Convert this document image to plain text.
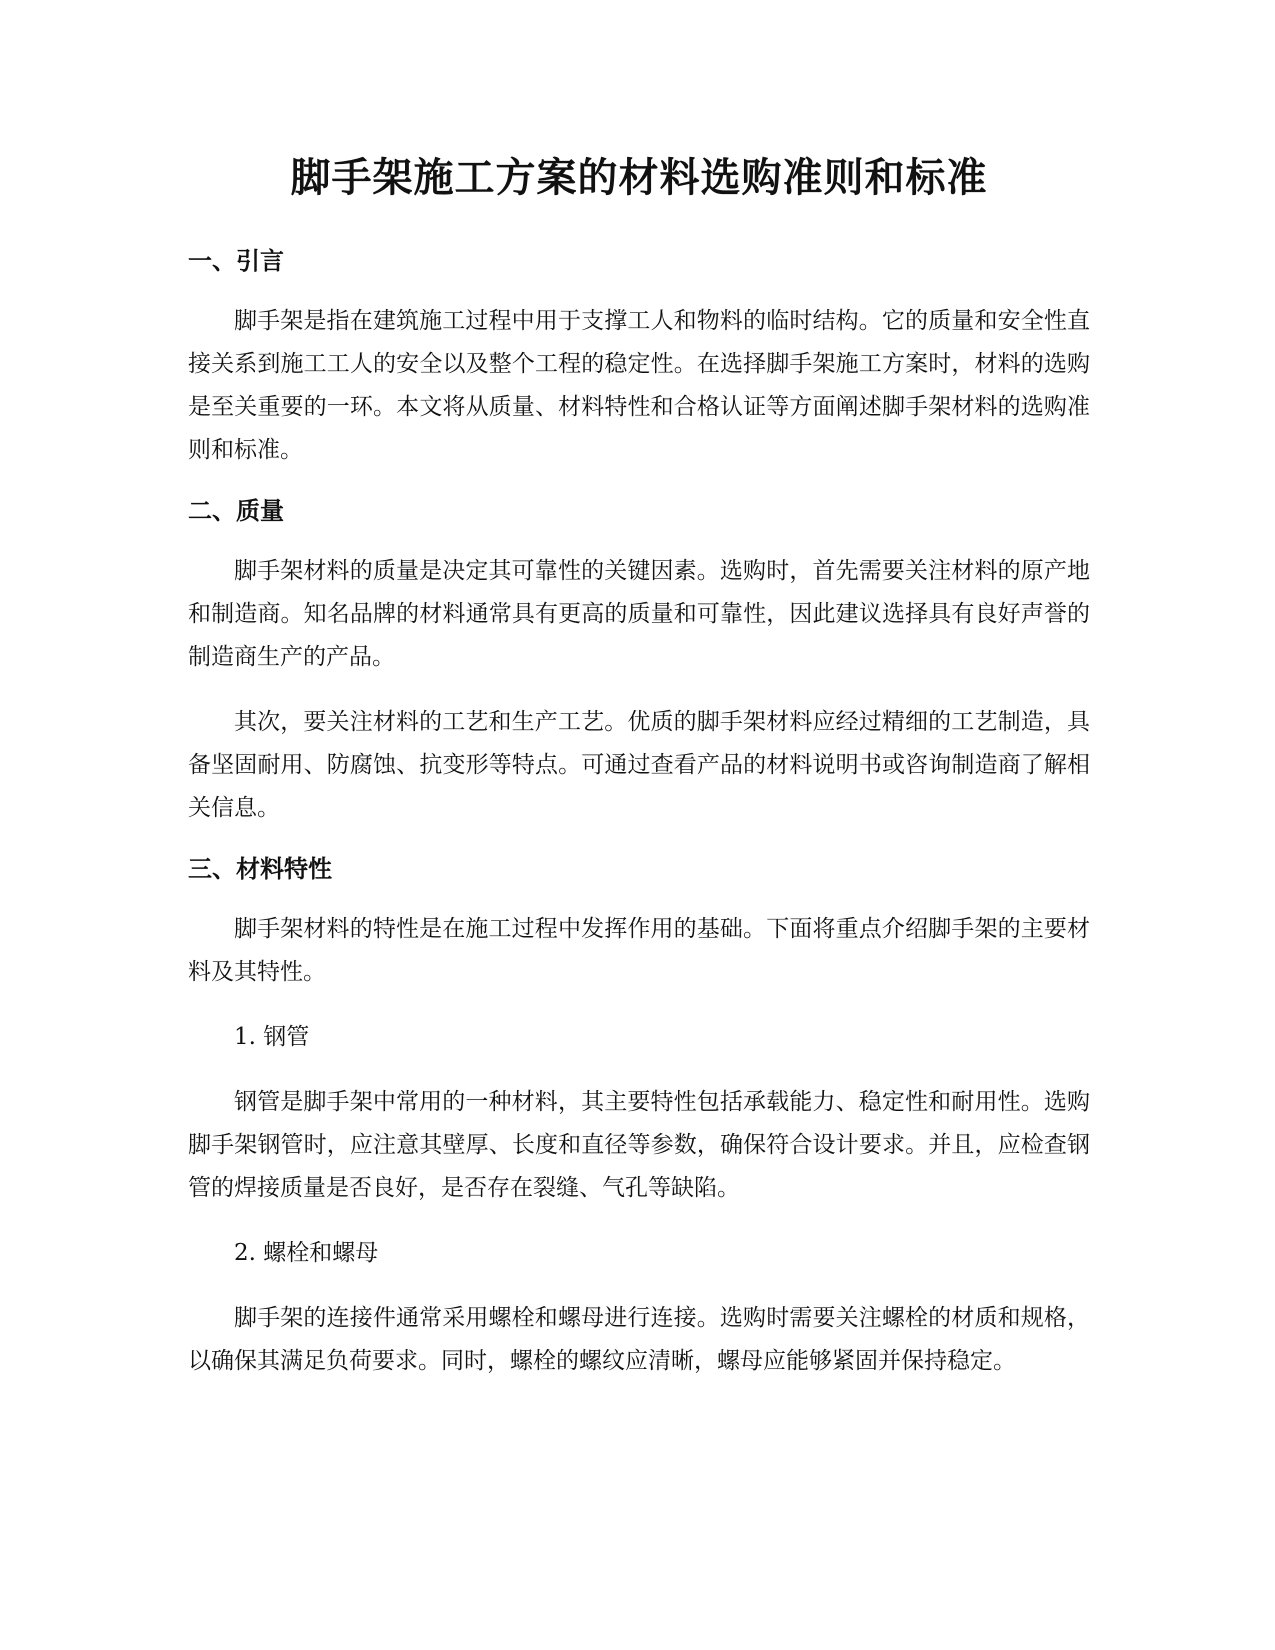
脚手架施工方案的材料选购准则和标准
一、引言

脚手架是指在建筑施工过程中用于支撑工人和物料的临时结构。它的质量和安全性直接关系到施工工人的安全以及整个工程的稳定性。在选择脚手架施工方案时，材料的选购是至关重要的一环。本文将从质量、材料特性和合格认证等方面阐述脚手架材料的选购准则和标准。

二、质量

脚手架材料的质量是决定其可靠性的关键因素。选购时，首先需要关注材料的原产地和制造商。知名品牌的材料通常具有更高的质量和可靠性，因此建议选择具有良好声誉的制造商生产的产品。

其次，要关注材料的工艺和生产工艺。优质的脚手架材料应经过精细的工艺制造，具备坚固耐用、防腐蚀、抗变形等特点。可通过查看产品的材料说明书或咨询制造商了解相关信息。

三、材料特性

脚手架材料的特性是在施工过程中发挥作用的基础。下面将重点介绍脚手架的主要材料及其特性。

1. 钢管

钢管是脚手架中常用的一种材料，其主要特性包括承载能力、稳定性和耐用性。选购脚手架钢管时，应注意其壁厚、长度和直径等参数，确保符合设计要求。并且，应检查钢管的焊接质量是否良好，是否存在裂缝、气孔等缺陷。

2. 螺栓和螺母

脚手架的连接件通常采用螺栓和螺母进行连接。选购时需要关注螺栓的材质和规格，以确保其满足负荷要求。同时，螺栓的螺纹应清晰，螺母应能够紧固并保持稳定。
